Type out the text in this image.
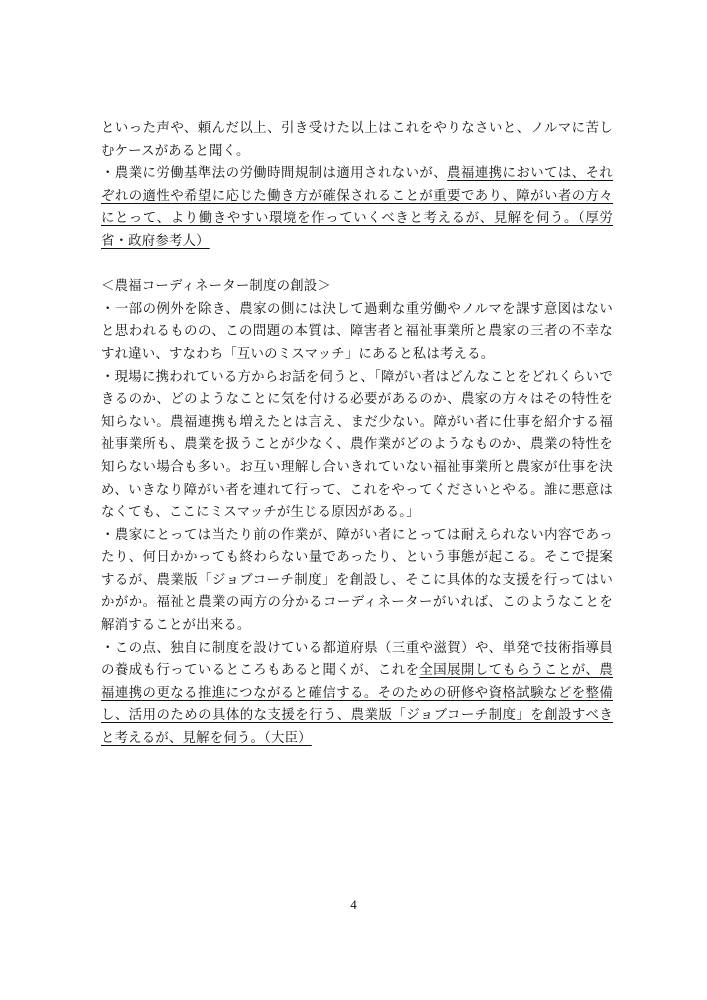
といった声や、頼んだ以上、引き受けた以上はこれをやりなさいと、ノルマに苦しむケースがあると聞く。

・農業に労働基準法の労働時間規制は適用されないが、農福連携においては、それぞれの適性や希望に応じた働き方が確保されることが重要であり、障がい者の方々にとって、より働きやすい環境を作っていくべきと考えるが、見解を伺う。（厚労省・政府参考人）

＜農福コーディネーター制度の創設＞

・一部の例外を除き、農家の側には決して過剰な重労働やノルマを課す意図はないと思われるものの、この問題の本質は、障害者と福祉事業所と農家の三者の不幸なすれ違い、すなわち「互いのミスマッチ」にあると私は考える。

・現場に携われている方からお話を伺うと、「障がい者はどんなことをどれくらいできるのか、どのようなことに気を付ける必要があるのか、農家の方々はその特性を知らない。農福連携も増えたとは言え、まだ少ない。障がい者に仕事を紹介する福祉事業所も、農業を扱うことが少なく、農作業がどのようなものか、農業の特性を知らない場合も多い。お互い理解し合いきれていない福祉事業所と農家が仕事を決め、いきなり障がい者を連れて行って、これをやってくださいとやる。誰に悪意はなくても、ここにミスマッチが生じる原因がある。」

・農家にとっては当たり前の作業が、障がい者にとっては耐えられない内容であったり、何日かかっても終わらない量であったり、という事態が起こる。そこで提案するが、農業版「ジョブコーチ制度」を創設し、そこに具体的な支援を行ってはいかがか。福祉と農業の両方の分かるコーディネーターがいれば、このようなことを解消することが出来る。

・この点、独自に制度を設けている都道府県（三重や滋賀）や、単発で技術指導員の養成も行っているところもあると聞くが、これを全国展開してもらうことが、農福連携の更なる推進につながると確信する。そのための研修や資格試験などを整備し、活用のための具体的な支援を行う、農業版「ジョブコーチ制度」を創設すべきと考えるが、見解を伺う。（大臣）

4
